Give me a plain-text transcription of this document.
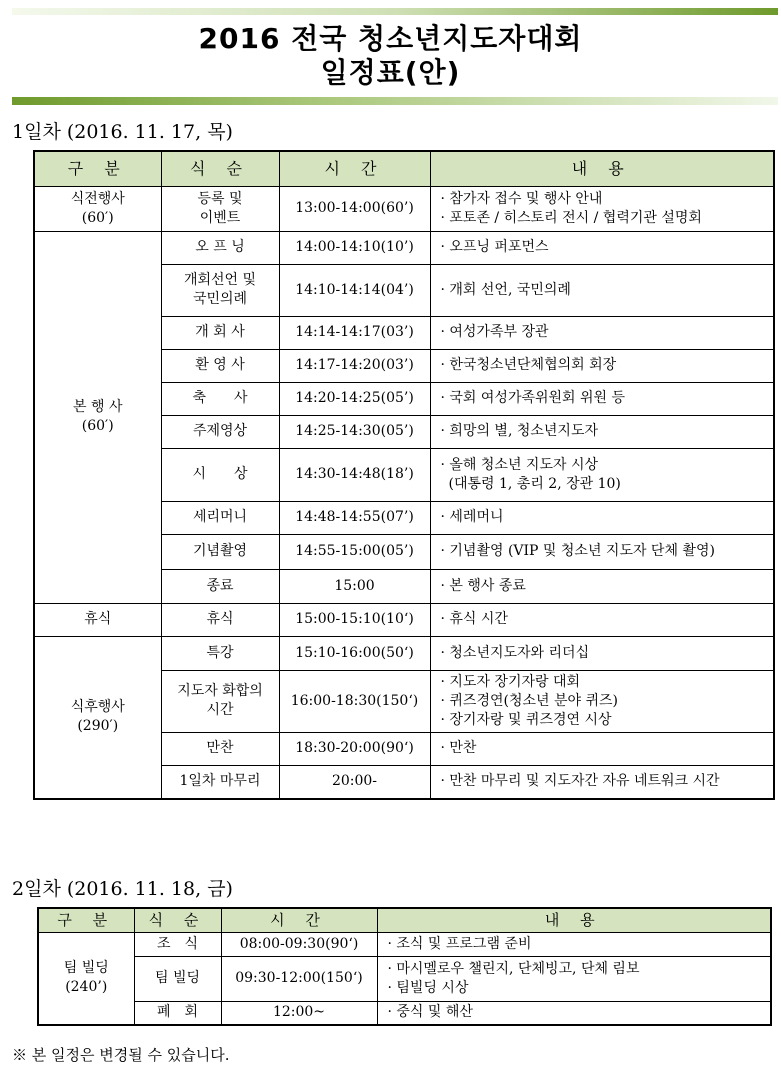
2016 전국 청소년지도자대회
일정표(안)
1일차 (2016. 11. 17, 목)
구 분	식 순	시 간	내 용

식전행사
(60′)	등록 및
이벤트	13:00-14:00(60’)	· 참가자 접수 및 행사 안내
· 포토존 / 히스토리 전시 / 협력기관 설명회

본 행 사
(60′)	오 프 닝	14:00-14:10(10’)	· 오프닝 퍼포먼스

	개회선언 및
국민의례	14:10-14:14(04’)	· 개회 선언, 국민의례

	개 회 사	14:14-14:17(03’)	· 여성가족부 장관

	환 영 사	14:17-14:20(03’)	· 한국청소년단체협의회 회장

	축　　사	14:20-14:25(05’)	· 국회 여성가족위원회 위원 등

	주제영상	14:25-14:30(05’)	· 희망의 별, 청소년지도자

	시　　상	14:30-14:48(18’)	· 올해 청소년 지도자 시상
(대통령 1, 총리 2, 장관 10)

	세리머니	14:48-14:55(07’)	· 세레머니

	기념촬영	14:55-15:00(05’)	· 기념촬영 (VIP 및 청소년 지도자 단체 촬영)

	종료	15:00	· 본 행사 종료

휴식	휴식	15:00-15:10(10‘)	· 휴식 시간

식후행사
(290′)	특강	15:10-16:00(50‘)	· 청소년지도자와 리더십

	지도자 화합의
시간	16:00-18:30(150‘)	· 지도자 장기자랑 대회
· 퀴즈경연(청소년 분야 퀴즈)
· 장기자랑 및 퀴즈경연 시상

	만찬	18:30-20:00(90‘)	· 만찬

	1일차 마무리	20:00-	· 만찬 마무리 및 지도자간 자유 네트워크 시간
2일차 (2016. 11. 18, 금)
구 분	식 순	시 간	내 용

팀 빌딩
(240’)	조　식	08:00-09:30(90‘)	· 조식 및 프로그램 준비

	팀 빌딩	09:30-12:00(150‘)	· 마시멜로우 챌린지, 단체빙고, 단체 림보
· 팀빌딩 시상

	폐　회	12:00~	· 중식 및 해산
※ 본 일정은 변경될 수 있습니다.
